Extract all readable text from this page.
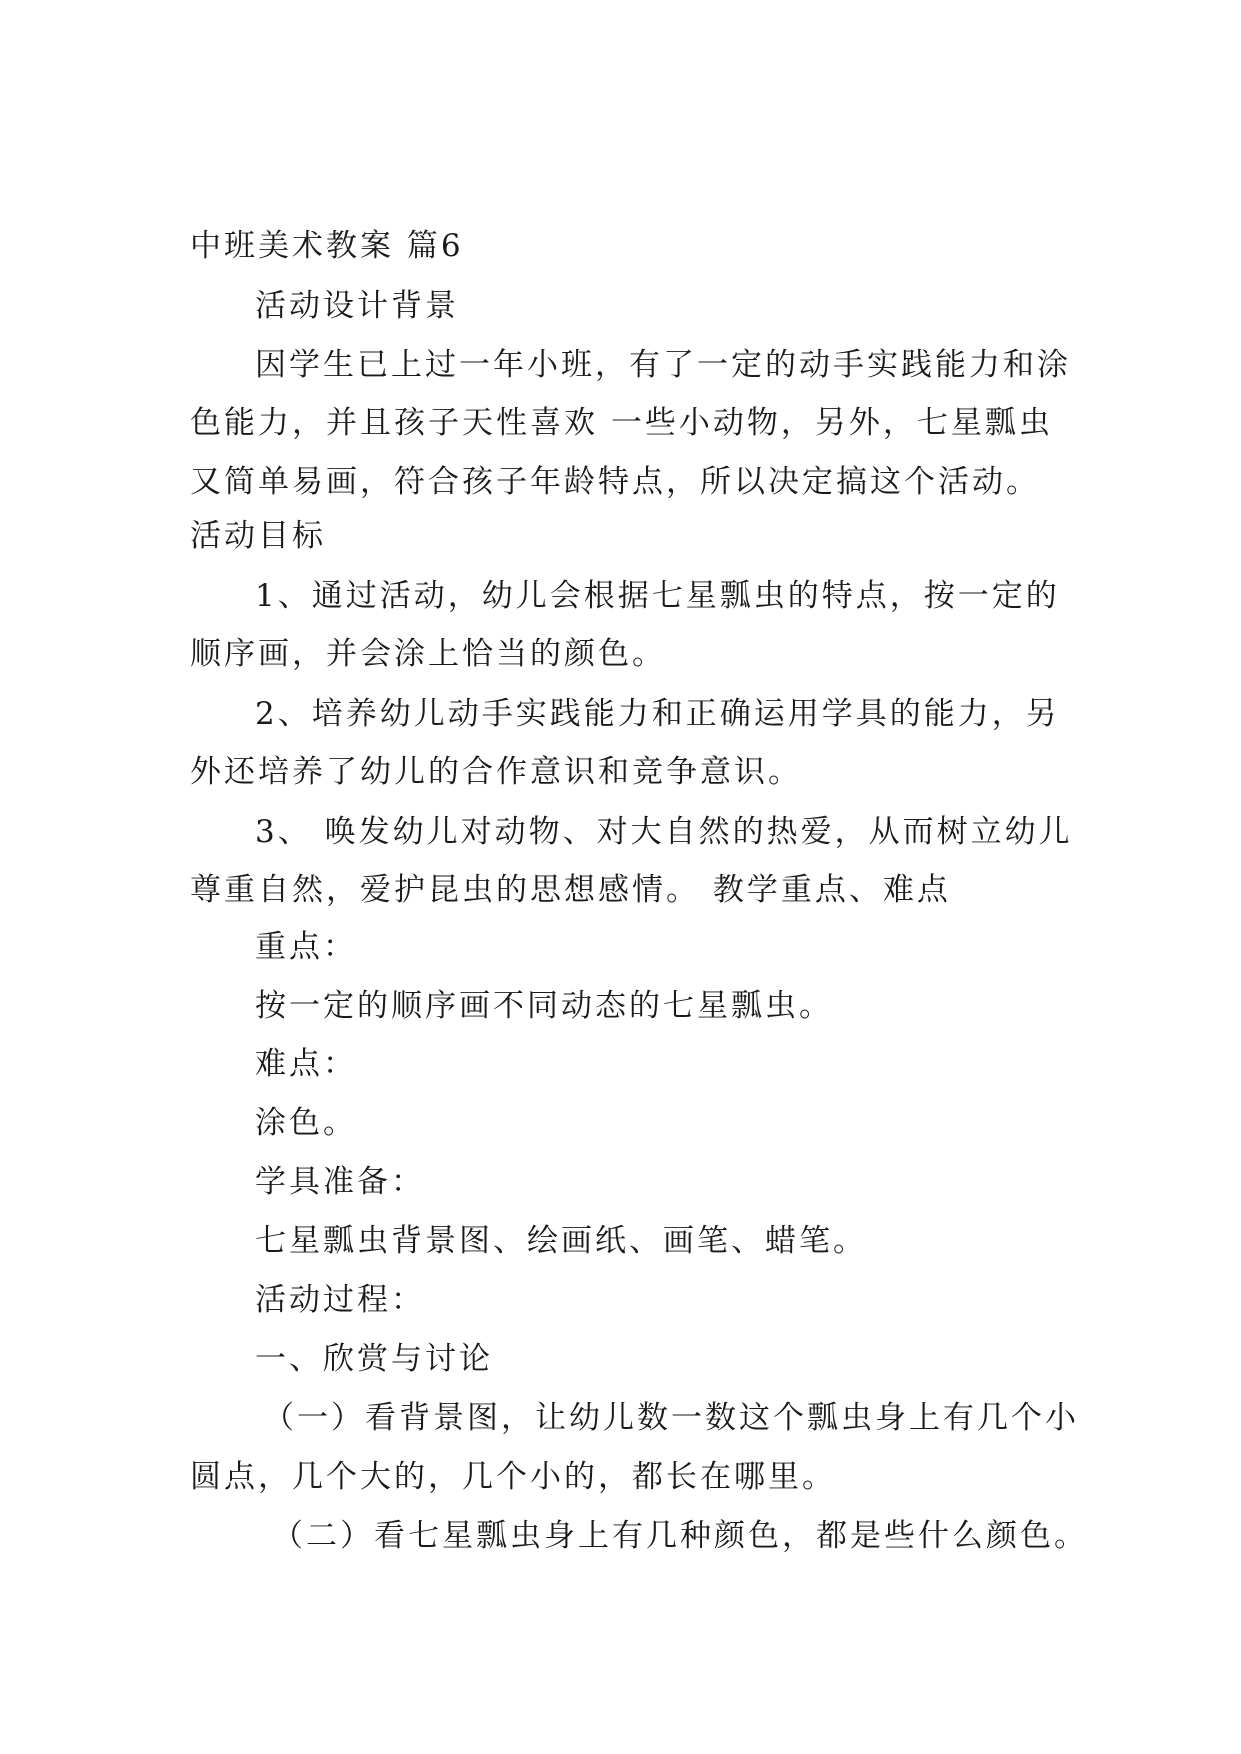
中班美术教案 篇6
活动设计背景
因学生已上过一年小班，有了一定的动手实践能力和涂
色能力，并且孩子天性喜欢 一些小动物，另外，七星瓢虫
又简单易画，符合孩子年龄特点，所以决定搞这个活动。
活动目标
1、通过活动，幼儿会根据七星瓢虫的特点，按一定的
顺序画，并会涂上恰当的颜色。
2、培养幼儿动手实践能力和正确运用学具的能力，另
外还培养了幼儿的合作意识和竞争意识。
3、 唤发幼儿对动物、对大自然的热爱，从而树立幼儿
尊重自然，爱护昆虫的思想感情。 教学重点、难点
重点：
按一定的顺序画不同动态的七星瓢虫。
难点：
涂色。
学具准备：
七星瓢虫背景图、绘画纸、画笔、蜡笔。
活动过程：
一、欣赏与讨论
（一）看背景图，让幼儿数一数这个瓢虫身上有几个小
圆点，几个大的，几个小的，都长在哪里。
（二）看七星瓢虫身上有几种颜色，都是些什么颜色。
